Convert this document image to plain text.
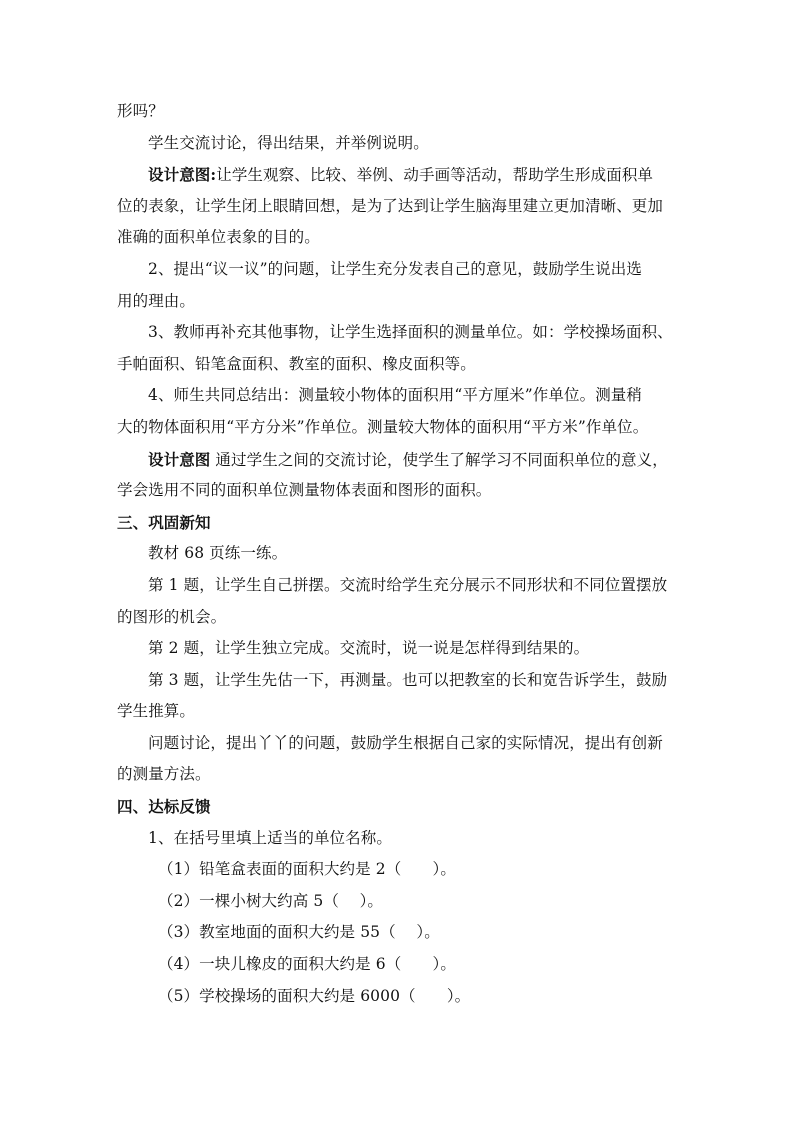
形吗？
学生交流讨论，得出结果，并举例说明。
设计意图:让学生观察、比较、举例、动手画等活动，帮助学生形成面积单
位的表象，让学生闭上眼睛回想，是为了达到让学生脑海里建立更加清晰、更加
准确的面积单位表象的目的。
2、提出“议一议”的问题，让学生充分发表自己的意见，鼓励学生说出选
用的理由。
3、教师再补充其他事物，让学生选择面积的测量单位。如：学校操场面积、
手帕面积、铅笔盒面积、教室的面积、橡皮面积等。
4、师生共同总结出：测量较小物体的面积用“平方厘米”作单位。测量稍
大的物体面积用“平方分米”作单位。测量较大物体的面积用“平方米”作单位。
设计意图 通过学生之间的交流讨论，使学生了解学习不同面积单位的意义，
学会选用不同的面积单位测量物体表面和图形的面积。
三、巩固新知
教材 68 页练一练。
第 1 题，让学生自己拼摆。交流时给学生充分展示不同形状和不同位置摆放
的图形的机会。
第 2 题，让学生独立完成。交流时，说一说是怎样得到结果的。
第 3 题，让学生先估一下，再测量。也可以把教室的长和宽告诉学生，鼓励
学生推算。
问题讨论，提出丫丫的问题，鼓励学生根据自己家的实际情况，提出有创新
的测量方法。
四、达标反馈
1、在括号里填上适当的单位名称。
（1）铅笔盒表面的面积大约是 2（　　）。
（2）一棵小树大约高 5（　 ）。
（3）教室地面的面积大约是 55（　 ）。
（4）一块儿橡皮的面积大约是 6（　　）。
（5）学校操场的面积大约是 6000（　　）。
